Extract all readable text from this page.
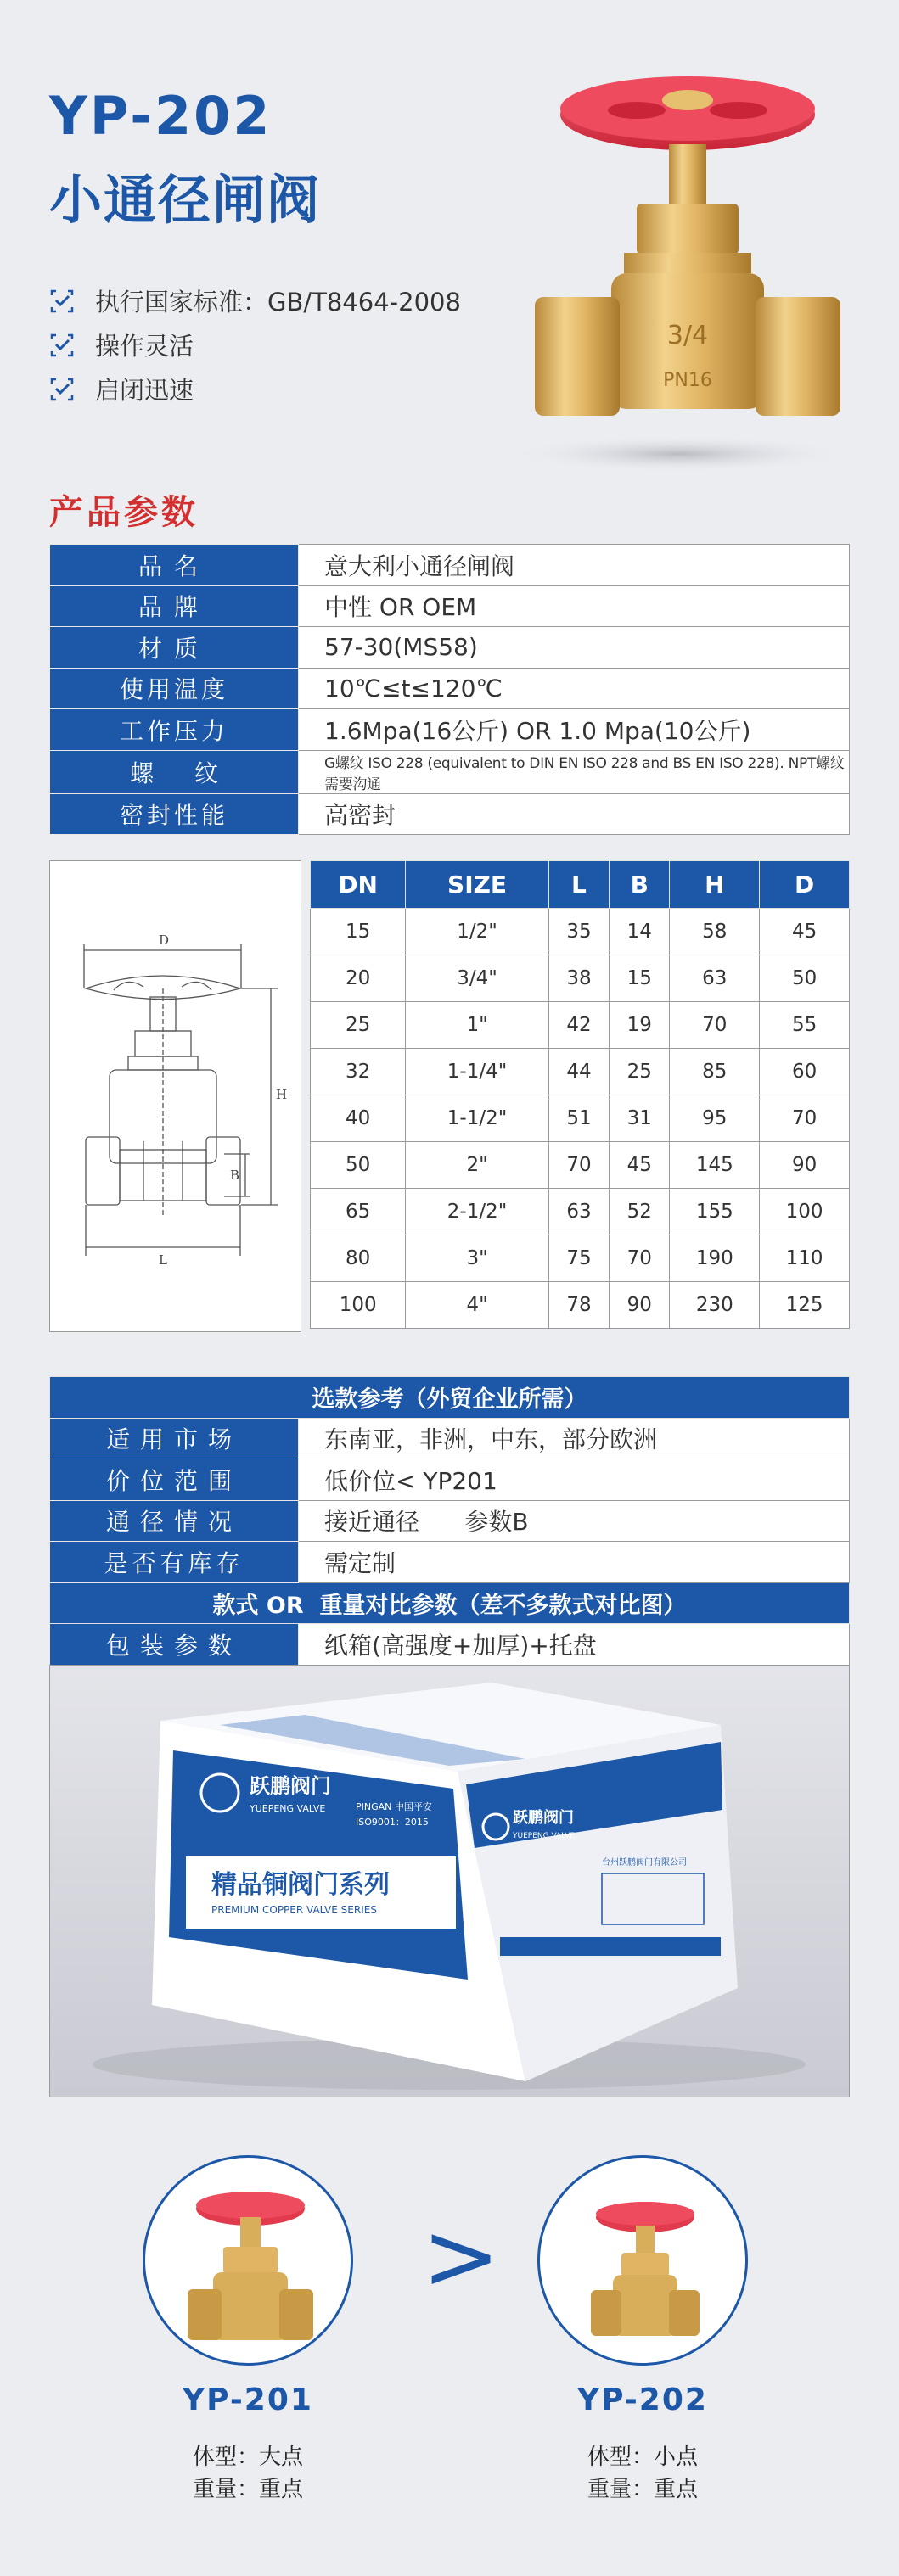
YP-202
小通径闸阀
执行国家标准：GB/T8464-2008
操作灵活
启闭迅速
3/4
PN16
产品参数
品名	意大利小通径闸阀
品牌	中性 OR OEM
材质	57-30(MS58)
使用温度	10℃≤t≤120℃
工作压力	1.6Mpa(16公斤) OR 1.0 Mpa(10公斤)
螺纹	G螺纹 ISO 228 (equivalent to DIN EN ISO 228 and BS EN ISO 228). NPT螺纹需要沟通
密封性能	高密封
D
H
B
L
DN	SIZE	L	B	H	D
15	1/2"	35	14	58	45
20	3/4"	38	15	63	50
25	1"	42	19	70	55
32	1-1/4"	44	25	85	60
40	1-1/2"	51	31	95	70
50	2"	70	45	145	90
65	2-1/2"	63	52	155	100
80	3"	75	70	190	110
100	4"	78	90	230	125
选款参考（外贸企业所需）	
适用市场	东南亚，非洲，中东，部分欧洲
价位范围	低价位< YP201
通径情况	接近通径      参数B
是否有库存	需定制
款式 OR  重量对比参数（差不多款式对比图）	
包装参数	纸箱(高强度+加厚)+托盘
跃鹏阀门
YUEPENG VALVE	PINGAN 中国平安
ISO9001：2015
精品铜阀门系列
PREMIUM COPPER VALVE SERIES
跃鹏阀门
YUEPENG VALVE
台州跃鹏阀门有限公司
>
YP-201
体型：大点
重量：重点
YP-202
体型：小点
重量：重点
